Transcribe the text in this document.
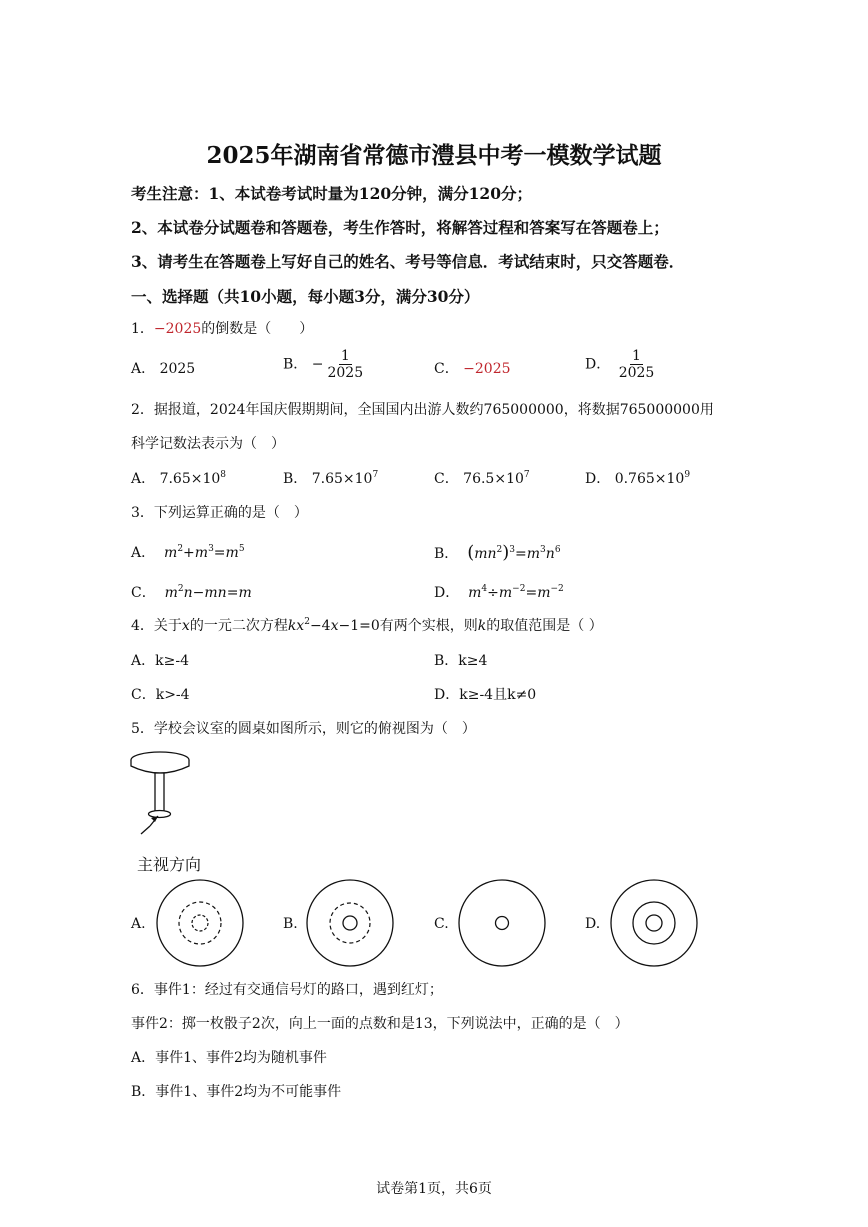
2025年湖南省常德市澧县中考一模数学试题
考生注意：1、本试卷考试时量为120分钟，满分120分；
2、本试卷分试题卷和答题卷，考生作答时，将解答过程和答案写在答题卷上；
3、请考生在答题卷上写好自己的姓名、考号等信息．考试结束时，只交答题卷．
一、选择题（共10小题，每小题3分，满分30分）
1．−2025的倒数是（　　）
A． 2025	B． − $\frac{1}{2025}$	C． −2025	D． $\frac{1}{2025}$
2．据报道，2024年国庆假期期间，全国国内出游人数约765000000，将数据765000000用
科学记数法表示为（　）
A． $7.65\times 10^8$	B． $7.65\times 10^7$	C． $76.5\times 10^7$	D． $0.765\times 10^9$
3．下列运算正确的是（　）
A． $m^2+m^3=m^5$	B． $(mn^2)^3=m^3n^6$
C． $m^2n-mn=m$	D． $m^4\div m^{-2}=m^{-2}$
4．关于x的一元二次方程$kx^2-4x-1=0$有两个实根，则k的取值范围是（ ）
A．k≥-4	B．k≥4
C．k>-4	D．k≥-4且k≠0
5．学校会议室的圆桌如图所示，则它的俯视图为（　）
主视方向
A.	B.	C.	D.
6．事件1：经过有交通信号灯的路口，遇到红灯；
事件2：掷一枚骰子2次，向上一面的点数和是13，下列说法中，正确的是（　）
A．事件1、事件2均为随机事件
B．事件1、事件2均为不可能事件
试卷第1页，共6页
